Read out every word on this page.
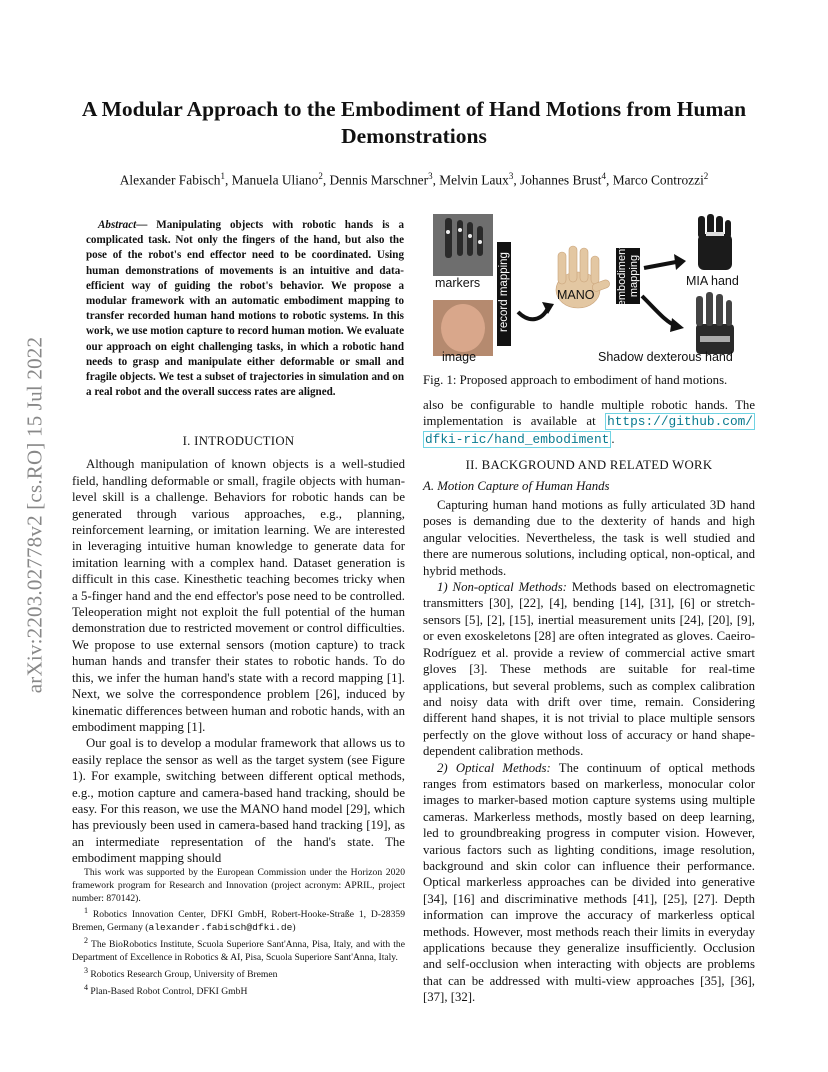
arXiv:2203.02778v2 [cs.RO] 15 Jul 2022
A Modular Approach to the Embodiment of Hand Motions from Human Demonstrations
Alexander Fabisch$^1$, Manuela Uliano$^2$, Dennis Marschner$^3$, Melvin Laux$^3$, Johannes Brust$^4$, Marco Controzzi$^2$
Abstract— Manipulating objects with robotic hands is a complicated task. Not only the fingers of the hand, but also the pose of the robot's end effector need to be coordinated. Using human demonstrations of movements is an intuitive and data-efficient way of guiding the robot's behavior. We propose a modular framework with an automatic embodiment mapping to transfer recorded human hand motions to robotic systems. In this work, we use motion capture to record human motion. We evaluate our approach on eight challenging tasks, in which a robotic hand needs to grasp and manipulate either deformable or small and fragile objects. We test a subset of trajectories in simulation and on a real robot and the overall success rates are aligned.
I. INTRODUCTION

Although manipulation of known objects is a well-studied field, handling deformable or small, fragile objects with human-level skill is a challenge. Behaviors for robotic hands can be generated through various approaches, e.g., planning, reinforcement learning, or imitation learning. We are interested in leveraging intuitive human knowledge to generate data for imitation learning with a complex hand. Dataset generation is difficult in this case. Kinesthetic teaching becomes tricky when a 5-finger hand and the end effector's pose need to be controlled. Teleoperation might not exploit the full potential of the human demonstration due to restricted movement or control difficulties. We propose to use external sensors (motion capture) to track human hands and transfer their states to robotic hands. To do this, we infer the human hand's state with a record mapping [1]. Next, we solve the correspondence problem [26], induced by kinematic differences between human and robotic hands, with an embodiment mapping [1].

Our goal is to develop a modular framework that allows us to easily replace the sensor as well as the target system (see Figure 1). For example, switching between different optical methods, e.g., motion capture and camera-based hand tracking, should be easy. For this reason, we use the MANO hand model [29], which has previously been used in camera-based hand tracking [19], as an intermediate representation of the hand's state. The embodiment mapping should

This work was supported by the European Commission under the Horizon 2020 framework program for Research and Innovation (project acronym: APRIL, project number: 870142).

$^1$ Robotics Innovation Center, DFKI GmbH, Robert-Hooke-Straße 1, D-28359 Bremen, Germany (alexander.fabisch@dfki.de)

$^2$ The BioRobotics Institute, Scuola Superiore Sant'Anna, Pisa, Italy, and with the Department of Excellence in Robotics & AI, Pisa, Scuola Superiore Sant'Anna, Italy.

$^3$ Robotics Research Group, University of Bremen

$^4$ Plan-Based Robot Control, DFKI GmbH

markers
image
record mapping	MANO embodiment mapping	MIA hand
Shadow dexterous hand
Fig. 1: Proposed approach to embodiment of hand motions.

also be configurable to handle multiple robotic hands. The implementation is available at https://github.com/ dfki-ric/hand_embodiment .

II. BACKGROUND AND RELATED WORK
A. Motion Capture of Human Hands

Capturing human hand motions as fully articulated 3D hand poses is demanding due to the dexterity of hands and high angular velocities. Nevertheless, the task is well studied and there are numerous solutions, including optical, non-optical, and hybrid methods.

1) Non-optical Methods: Methods based on electromagnetic transmitters [30], [22], [4], bending [14], [31], [6] or stretch-sensors [5], [2], [15], inertial measurement units [24], [20], [9], or even exoskeletons [28] are often integrated as gloves. Caeiro-Rodríguez et al. provide a review of commercial active smart gloves [3]. These methods are suitable for real-time applications, but several problems, such as complex calibration and noisy data with drift over time, remain. Considering different hand shapes, it is not trivial to place multiple sensors perfectly on the glove without loss of accuracy or hand shape-dependent calibration methods.

2) Optical Methods: The continuum of optical methods ranges from estimators based on markerless, monocular color images to marker-based motion capture systems using multiple cameras. Markerless methods, mostly based on deep learning, led to groundbreaking progress in computer vision. However, various factors such as lighting conditions, image resolution, background and skin color can influence their performance. Optical markerless approaches can be divided into generative [34], [16] and discriminative methods [41], [25], [27]. Depth information can improve the accuracy of markerless optical methods. However, most methods reach their limits in everyday applications because they generalize insufficiently. Occlusion and self-occlusion when interacting with objects are problems that can be addressed with multi-view approaches [35], [36], [37], [32].
